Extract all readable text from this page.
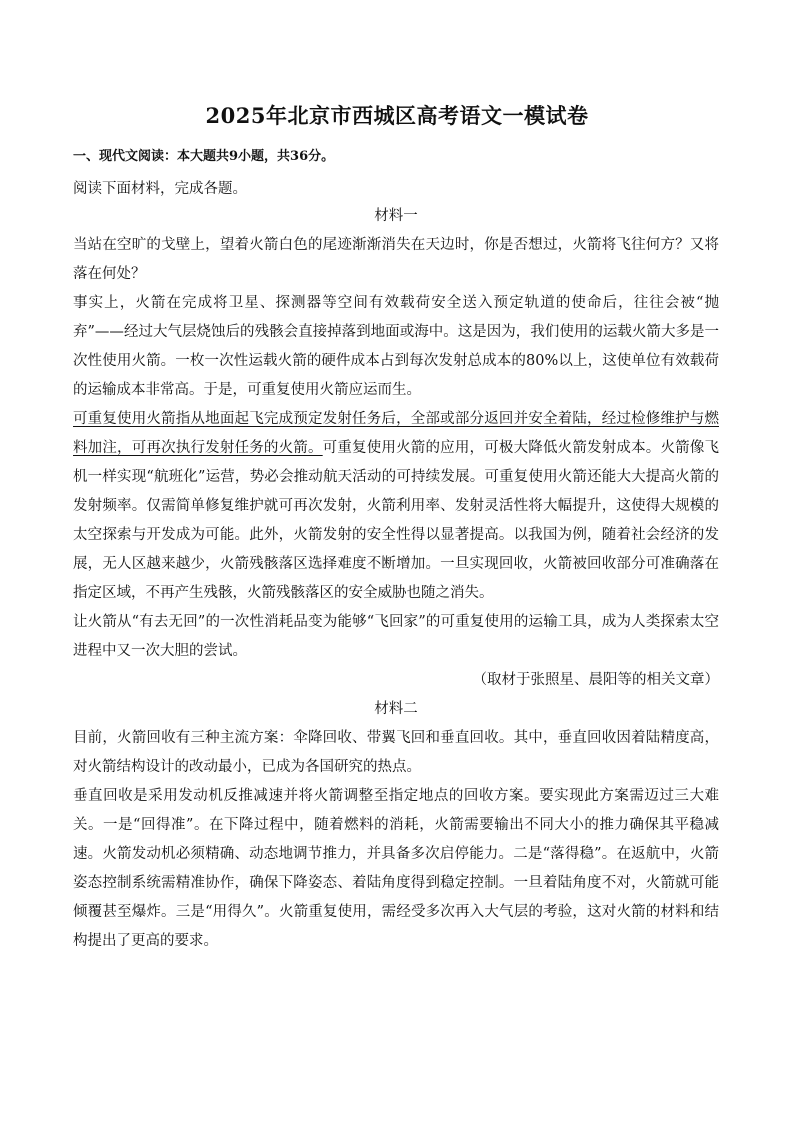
2025年北京市西城区高考语文一模试卷
一、现代文阅读：本大题共9小题，共36分。
阅读下面材料，完成各题。

材料一

当站在空旷的戈壁上，望着火箭白色的尾迹渐渐消失在天边时，你是否想过，火箭将飞往何方？又将落在何处？

事实上，火箭在完成将卫星、探测器等空间有效载荷安全送入预定轨道的使命后，往往会被“抛弃”——经过大气层烧蚀后的残骸会直接掉落到地面或海中。这是因为，我们使用的运载火箭大多是一次性使用火箭。一枚一次性运载火箭的硬件成本占到每次发射总成本的80%以上，这使单位有效载荷的运输成本非常高。于是，可重复使用火箭应运而生。

可重复使用火箭指从地面起飞完成预定发射任务后，全部或部分返回并安全着陆，经过检修维护与燃料加注，可再次执行发射任务的火箭。可重复使用火箭的应用，可极大降低火箭发射成本。火箭像飞机一样实现“航班化”运营，势必会推动航天活动的可持续发展。可重复使用火箭还能大大提高火箭的发射频率。仅需简单修复维护就可再次发射，火箭利用率、发射灵活性将大幅提升，这使得大规模的太空探索与开发成为可能。此外，火箭发射的安全性得以显著提高。以我国为例，随着社会经济的发展，无人区越来越少，火箭残骸落区选择难度不断增加。一旦实现回收，火箭被回收部分可准确落在指定区域，不再产生残骸，火箭残骸落区的安全威胁也随之消失。

让火箭从“有去无回”的一次性消耗品变为能够“飞回家”的可重复使用的运输工具，成为人类探索太空进程中又一次大胆的尝试。

（取材于张照星、晨阳等的相关文章）

材料二

目前，火箭回收有三种主流方案：伞降回收、带翼飞回和垂直回收。其中，垂直回收因着陆精度高，对火箭结构设计的改动最小，已成为各国研究的热点。

垂直回收是采用发动机反推减速并将火箭调整至指定地点的回收方案。要实现此方案需迈过三大难关。一是“回得准”。在下降过程中，随着燃料的消耗，火箭需要输出不同大小的推力确保其平稳减速。火箭发动机必须精确、动态地调节推力，并具备多次启停能力。二是“落得稳”。在返航中，火箭姿态控制系统需精准协作，确保下降姿态、着陆角度得到稳定控制。一旦着陆角度不对，火箭就可能倾覆甚至爆炸。三是“用得久”。火箭重复使用，需经受多次再入大气层的考验，这对火箭的材料和结构提出了更高的要求。
